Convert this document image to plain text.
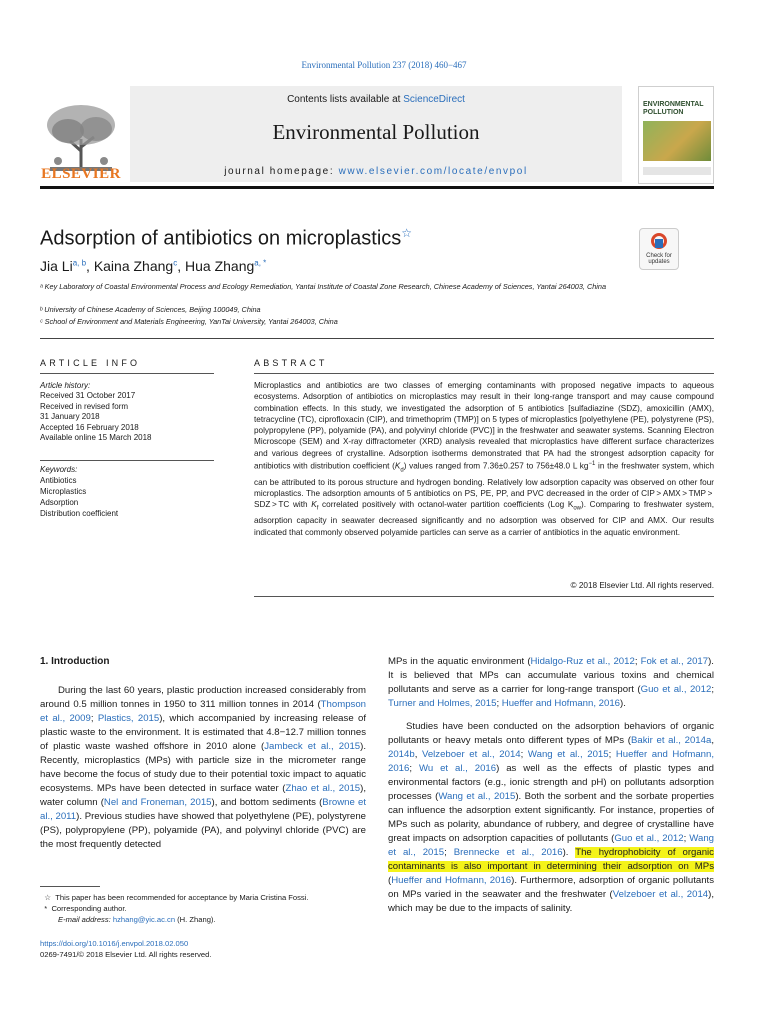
Environmental Pollution 237 (2018) 460−467
ELSEVIER
Contents lists available at ScienceDirect
Environmental Pollution
journal homepage: www.elsevier.com/locate/envpol
ENVIRONMENTAL POLLUTION
Adsorption of antibiotics on microplastics☆
Check for updates
Jia Li$^{a, b}$, Kaina Zhang$^c$, Hua Zhang$^{a, *}$
ᵃ Key Laboratory of Coastal Environmental Process and Ecology Remediation, Yantai Institute of Coastal Zone Research, Chinese Academy of Sciences, Yantai 264003, China
ᵇ University of Chinese Academy of Sciences, Beijing 100049, China
ᶜ School of Environment and Materials Engineering, YanTai University, Yantai 264003, China
ARTICLE INFO	ABSTRACT
Article history:
Received 31 October 2017
Received in revised form
31 January 2018
Accepted 16 February 2018
Available online 15 March 2018
Keywords:
Antibiotics
Microplastics
Adsorption
Distribution coefficient
Microplastics and antibiotics are two classes of emerging contaminants with proposed negative impacts to aqueous ecosystems. Adsorption of antibiotics on microplastics may result in their long-range transport and may cause compound combination effects. In this study, we investigated the adsorption of 5 antibiotics [sulfadiazine (SDZ), amoxicillin (AMX), tetracycline (TC), ciprofloxacin (CIP), and trimethoprim (TMP)] on 5 types of microplastics [polyethylene (PE), polystyrene (PS), polypropylene (PP), polyamide (PA), and polyvinyl chloride (PVC)] in the freshwater and seawater systems. Scanning Electron Microscope (SEM) and X-ray diffractometer (XRD) analysis revealed that microplastics have different surface characterizes and various degrees of crystalline. Adsorption isotherms demonstrated that PA had the strongest adsorption capacity for antibiotics with distribution coefficient $(K_d)$ values ranged from 7.36±0.257 to 756±48.0 L $kg^{-1}$ in the freshwater system, which can be attributed to its porous structure and hydrogen bonding. Relatively low adsorption capacity was observed on other four microplastics. The adsorption amounts of 5 antibiotics on PS, PE, PP, and PVC decreased in the order of CIP > AMX > TMP > SDZ > TC with $K_f$ correlated positively with octanol-water partition coefficients (Log $K_{ow}$). Comparing to freshwater system, adsorption capacity in seawater decreased significantly and no adsorption was observed for CIP and AMX. Our results indicated that commonly observed polyamide particles can serve as a carrier of antibiotics in the aquatic environment.
© 2018 Elsevier Ltd. All rights reserved.
1. Introduction

During the last 60 years, plastic production increased considerably from around 0.5 million tonnes in 1950 to 311 million tonnes in 2014 (Thompson et al., 2009; Plastics, 2015), which accompanied by increasing release of plastic waste to the environment. It is estimated that 4.8−12.7 million tonnes of plastic waste washed offshore in 2010 alone (Jambeck et al., 2015). Recently, microplastics (MPs) with particle size in the micrometer range have become the focus of study due to their potential toxic impact to aquatic ecosystems. MPs have been detected in surface water (Zhao et al., 2015), water column (Nel and Froneman, 2015), and bottom sediments (Browne et al., 2011). Previous studies have showed that polyethylene (PE), polystyrene (PS), polypropylene (PP), polyamide (PA), and polyvinyl chloride (PVC) are the most frequently detected

MPs in the aquatic environment (Hidalgo-Ruz et al., 2012; Fok et al., 2017). It is believed that MPs can accumulate various toxins and chemical pollutants and serve as a carrier for long-range transport (Guo et al., 2012; Turner and Holmes, 2015; Hueffer and Hofmann, 2016).

Studies have been conducted on the adsorption behaviors of organic pollutants or heavy metals onto different types of MPs (Bakir et al., 2014a, 2014b, Velzeboer et al., 2014; Wang et al., 2015; Hueffer and Hofmann, 2016; Wu et al., 2016) as well as the effects of plastic types and environmental factors (e.g., ionic strength and pH) on pollutants adsorption processes (Wang et al., 2015). Both the sorbent and the sorbate properties can influence the adsorption extent significantly. For instance, properties of MPs such as polarity, abundance of rubbery, and degree of crystalline have great impacts on adsorption capacities of pollutants (Guo et al., 2012; Wang et al., 2015; Brennecke et al., 2016). The hydrophobicity of organic contaminants is also important in determining their adsorption on MPs (Hueffer and Hofmann, 2016). Furthermore, adsorption of organic pollutants on MPs varied in the seawater and the freshwater (Velzeboer et al., 2014), which may be due to the impacts of salinity.

☆ This paper has been recommended for acceptance by Maria Cristina Fossi.
* Corresponding author.
E-mail address: hzhang@yic.ac.cn (H. Zhang).
https://doi.org/10.1016/j.envpol.2018.02.050
0269-7491/© 2018 Elsevier Ltd. All rights reserved.
